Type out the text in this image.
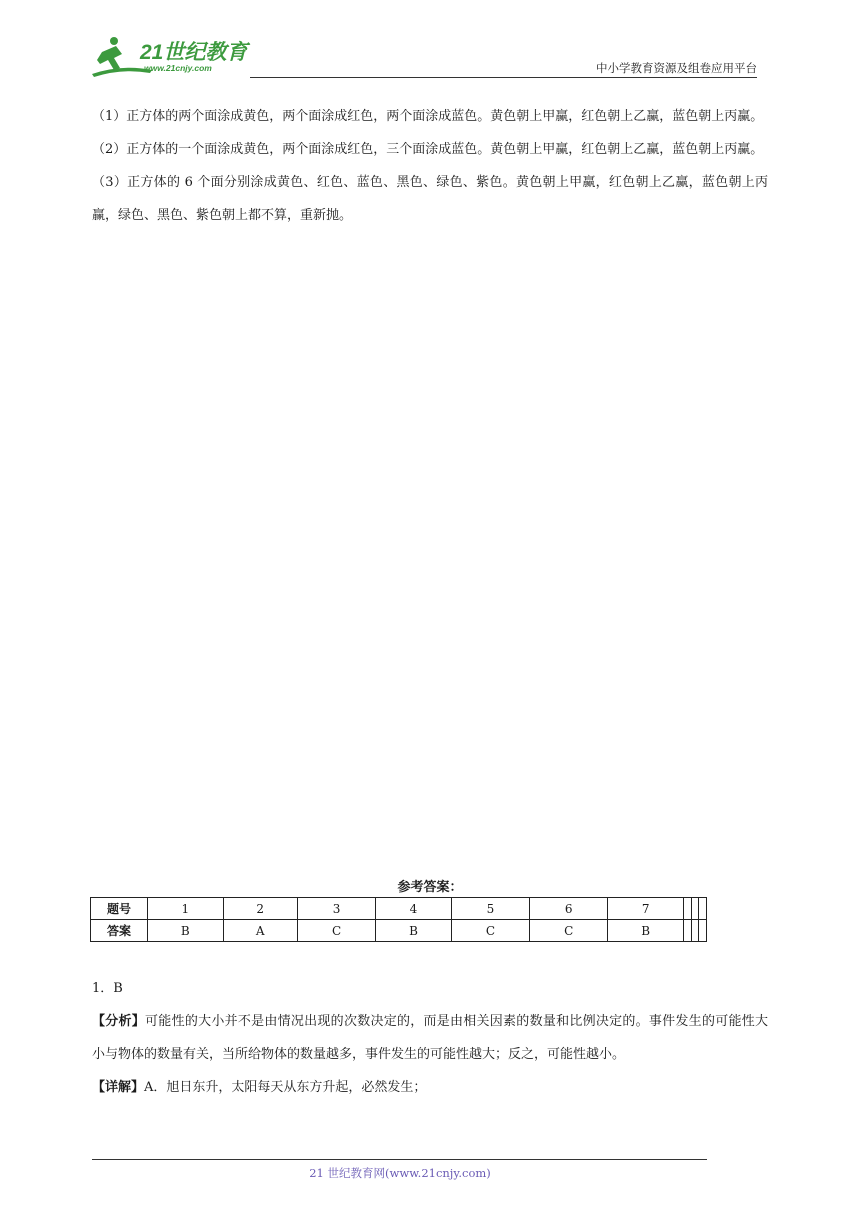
21世纪教育
www.21cnjy.com	中小学教育资源及组卷应用平台

（1）正方体的两个面涂成黄色，两个面涂成红色，两个面涂成蓝色。黄色朝上甲赢，红色朝上乙赢，蓝色朝上丙赢。

（2）正方体的一个面涂成黄色，两个面涂成红色，三个面涂成蓝色。黄色朝上甲赢，红色朝上乙赢，蓝色朝上丙赢。

（3）正方体的 6 个面分别涂成黄色、红色、蓝色、黑色、绿色、紫色。黄色朝上甲赢，红色朝上乙赢，蓝色朝上丙赢，绿色、黑色、紫色朝上都不算，重新抛。

参考答案：
题号	1	2	3	4	5	6	7			
答案	B	A	C	B	C	C	B			

1．B

【分析】可能性的大小并不是由情况出现的次数决定的，而是由相关因素的数量和比例决定的。事件发生的可能性大小与物体的数量有关，当所给物体的数量越多，事件发生的可能性越大；反之，可能性越小。

【详解】A．旭日东升，太阳每天从东方升起，必然发生；

21 世纪教育网(www.21cnjy.com)
